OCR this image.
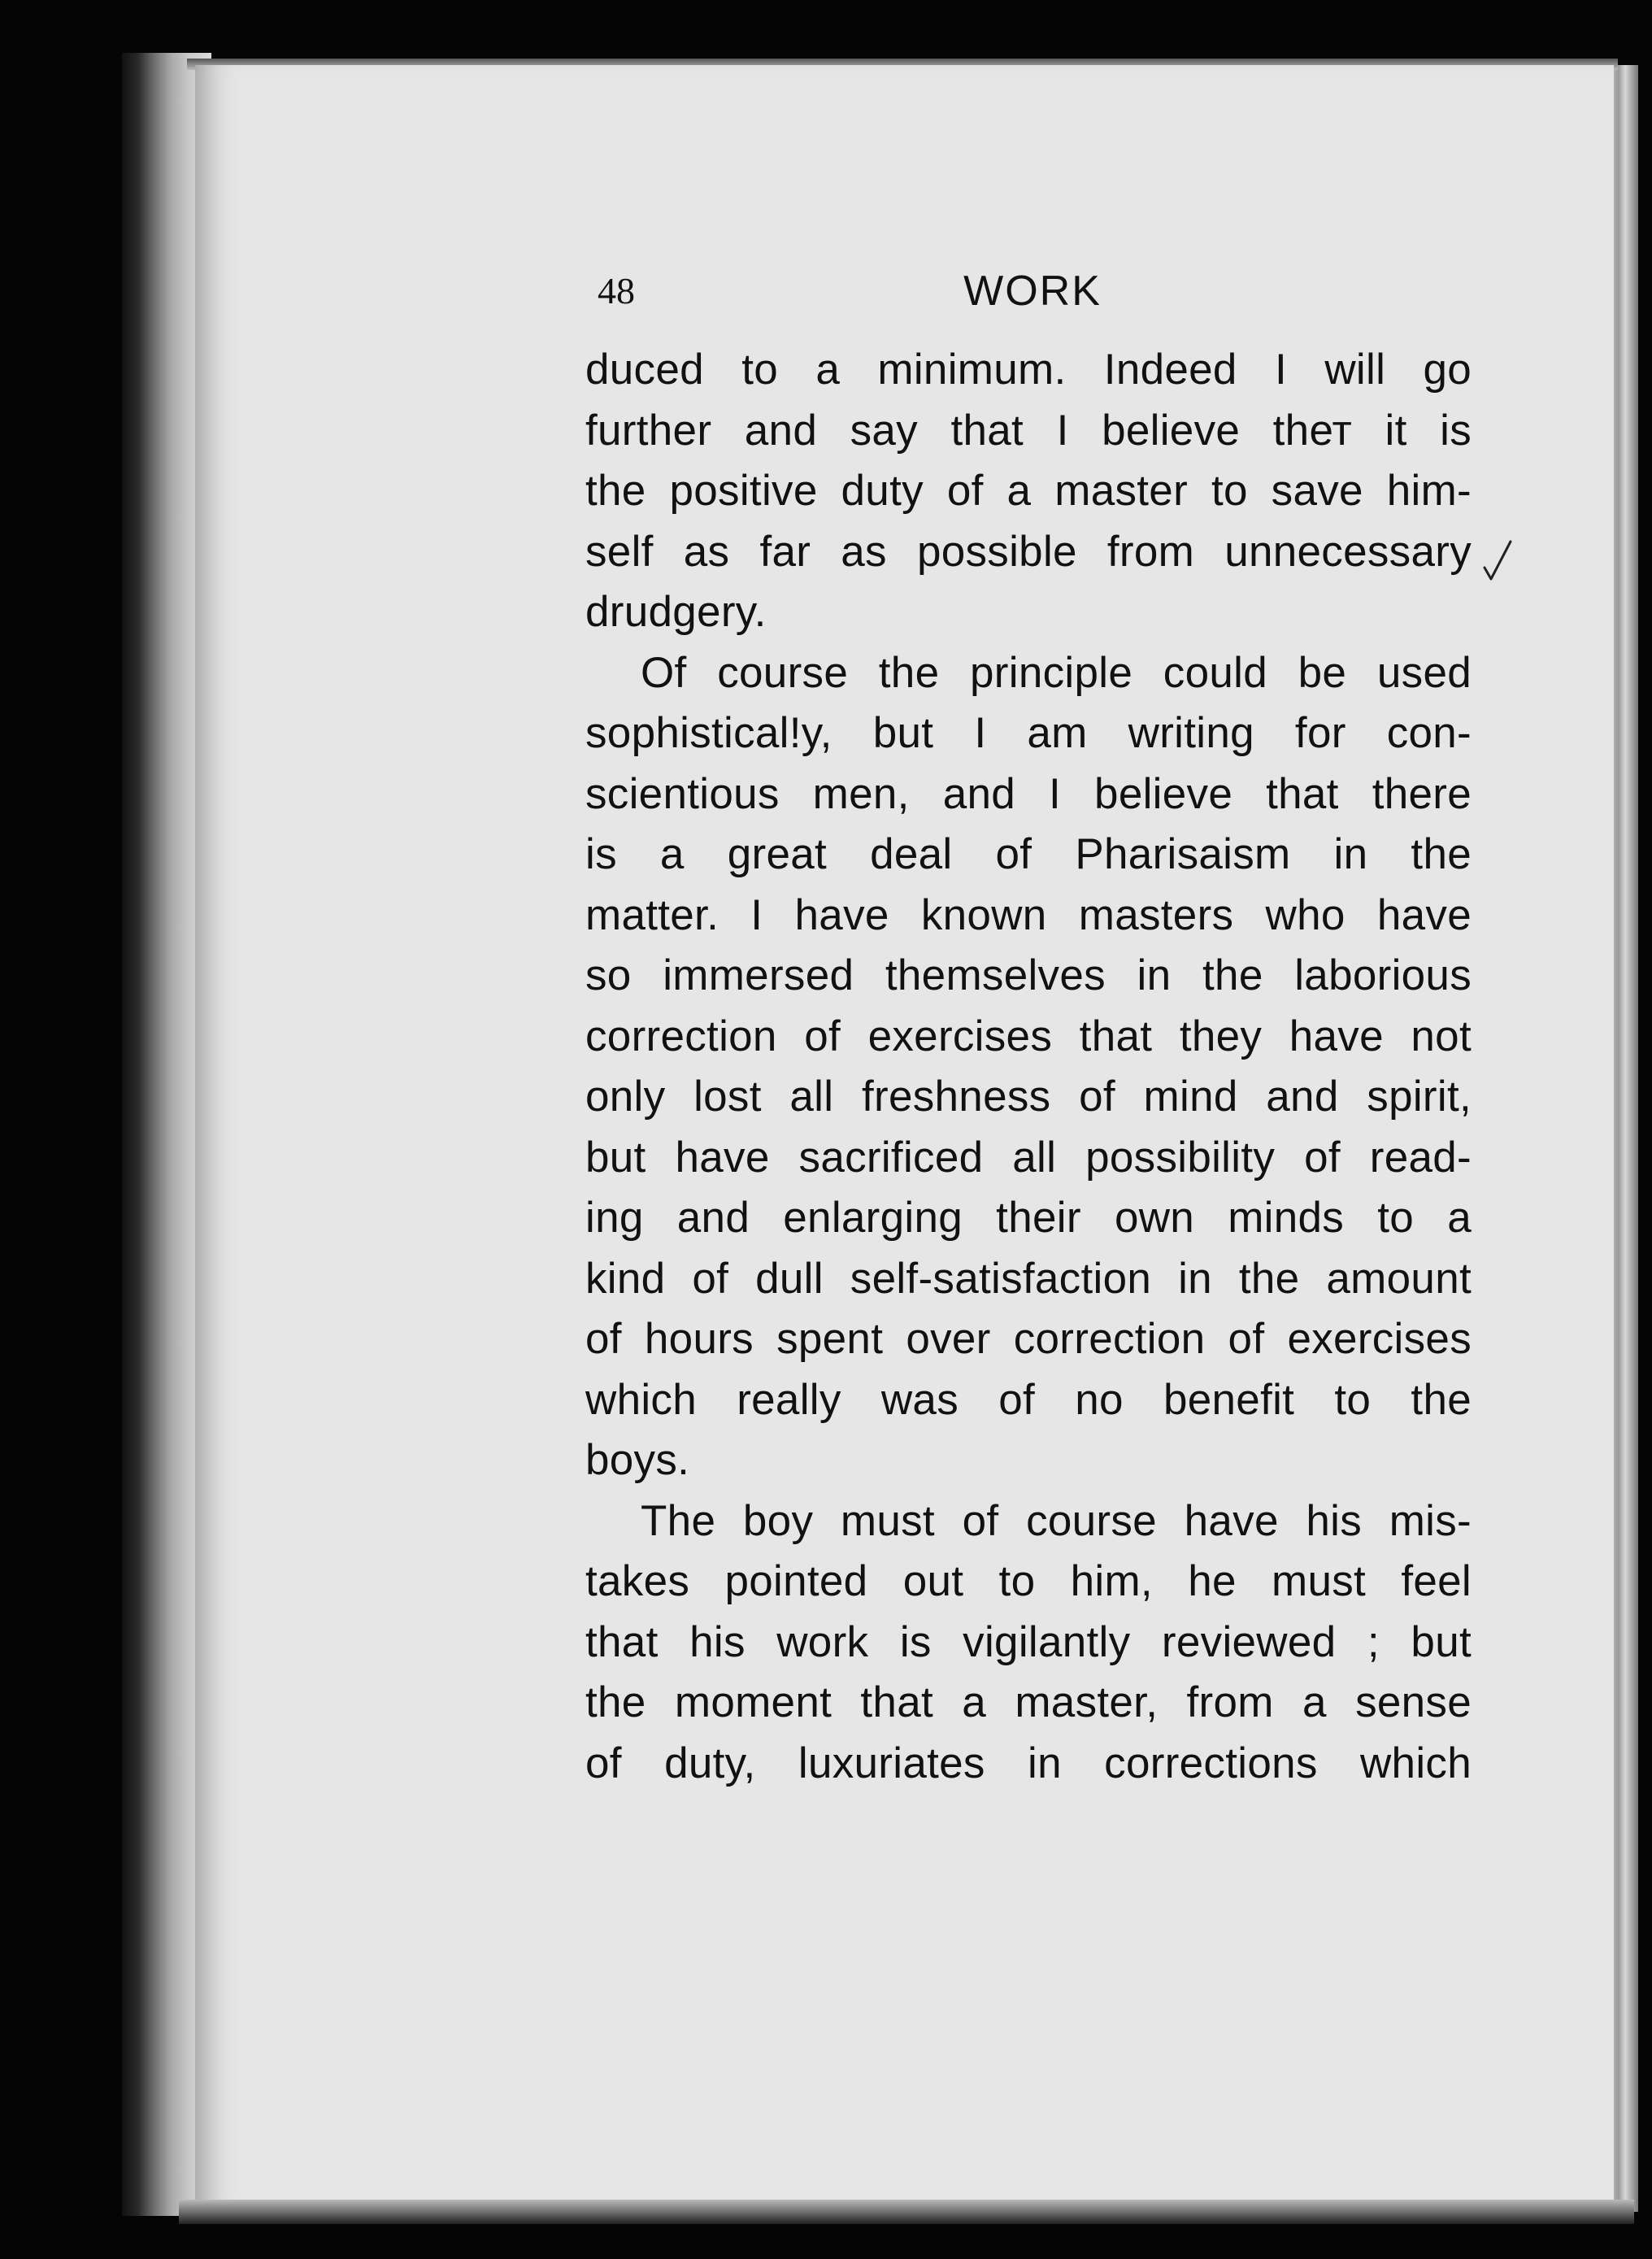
48	WORK
duced to a minimum. Indeed I will go
further and say that I believe thет it is
the positive duty of a master to save him-
self as far as possible from unnecessary
drudgery.
Of course the principle could be used
sophistical!y, but I am writing for con-
scientious men, and I believe that there
is a great deal of Pharisaism in the
matter. I have known masters who have
so immersed themselves in the laborious
correction of exercises that they have not
only lost all freshness of mind and spirit,
but have sacrificed all possibility of read-
ing and enlarging their own minds to a
kind of dull self-satisfaction in the amount
of hours spent over correction of exercises
which really was of no benefit to the
boys.
The boy must of course have his mis-
takes pointed out to him, he must feel
that his work is vigilantly reviewed ; but
the moment that a master, from a sense
of duty, luxuriates in corrections which
